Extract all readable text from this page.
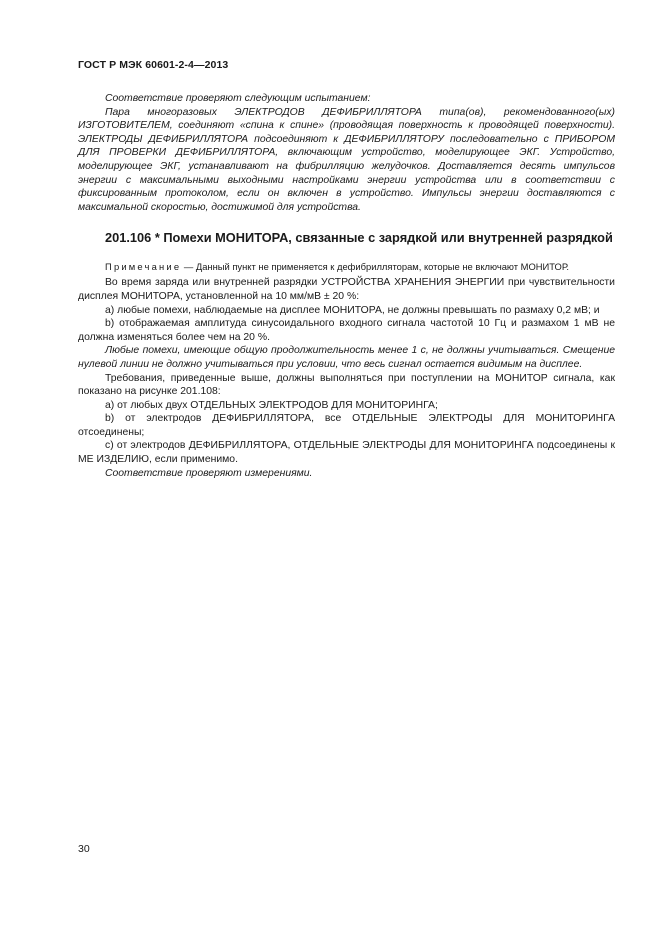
ГОСТ Р МЭК 60601-2-4—2013

Соответствие проверяют следующим испытанием:

Пара многоразовых ЭЛЕКТРОДОВ ДЕФИБРИЛЛЯТОРА типа(ов), рекомендованного(ых) ИЗГОТОВИТЕЛЕМ, соединяют «спина к спине» (проводящая поверхность к проводящей поверхности). ЭЛЕКТРОДЫ ДЕФИБРИЛЛЯТОРА подсоединяют к ДЕФИБРИЛЛЯТОРУ последовательно с ПРИБОРОМ ДЛЯ ПРОВЕРКИ ДЕФИБРИЛЛЯТОРА, включающим устройство, моделирующее ЭКГ. Устройство, моделирующее ЭКГ, устанавливают на фибрилляцию желудочков. Доставляется десять импульсов энергии с максимальными выходными настройками энергии устройства или в соответствии с фиксированным протоколом, если он включен в устройство. Импульсы энергии доставляются с максимальной скоростью, достижимой для устройства.

201.106 * Помехи МОНИТОРА, связанные с зарядкой или внутренней разрядкой

Примечание — Данный пункт не применяется к дефибрилляторам, которые не включают МОНИТОР.

Во время заряда или внутренней разрядки УСТРОЙСТВА ХРАНЕНИЯ ЭНЕРГИИ при чувствительности дисплея МОНИТОРА, установленной на 10 мм/мВ ± 20 %:

a) любые помехи, наблюдаемые на дисплее МОНИТОРА, не должны превышать по размаху 0,2 мВ; и

b) отображаемая амплитуда синусоидального входного сигнала частотой 10 Гц и размахом 1 мВ не должна изменяться более чем на 20 %.

Любые помехи, имеющие общую продолжительность менее 1 с, не должны учитываться. Смещение нулевой линии не должно учитываться при условии, что весь сигнал остается видимым на дисплее.

Требования, приведенные выше, должны выполняться при поступлении на МОНИТОР сигнала, как показано на рисунке 201.108:

a) от любых двух ОТДЕЛЬНЫХ ЭЛЕКТРОДОВ ДЛЯ МОНИТОРИНГА;

b) от электродов ДЕФИБРИЛЛЯТОРА, все ОТДЕЛЬНЫЕ ЭЛЕКТРОДЫ ДЛЯ МОНИТОРИНГА отсоединены;

c) от электродов ДЕФИБРИЛЛЯТОРА, ОТДЕЛЬНЫЕ ЭЛЕКТРОДЫ ДЛЯ МОНИТОРИНГА подсоединены к МЕ ИЗДЕЛИЮ, если применимо.

Соответствие проверяют измерениями.

30
